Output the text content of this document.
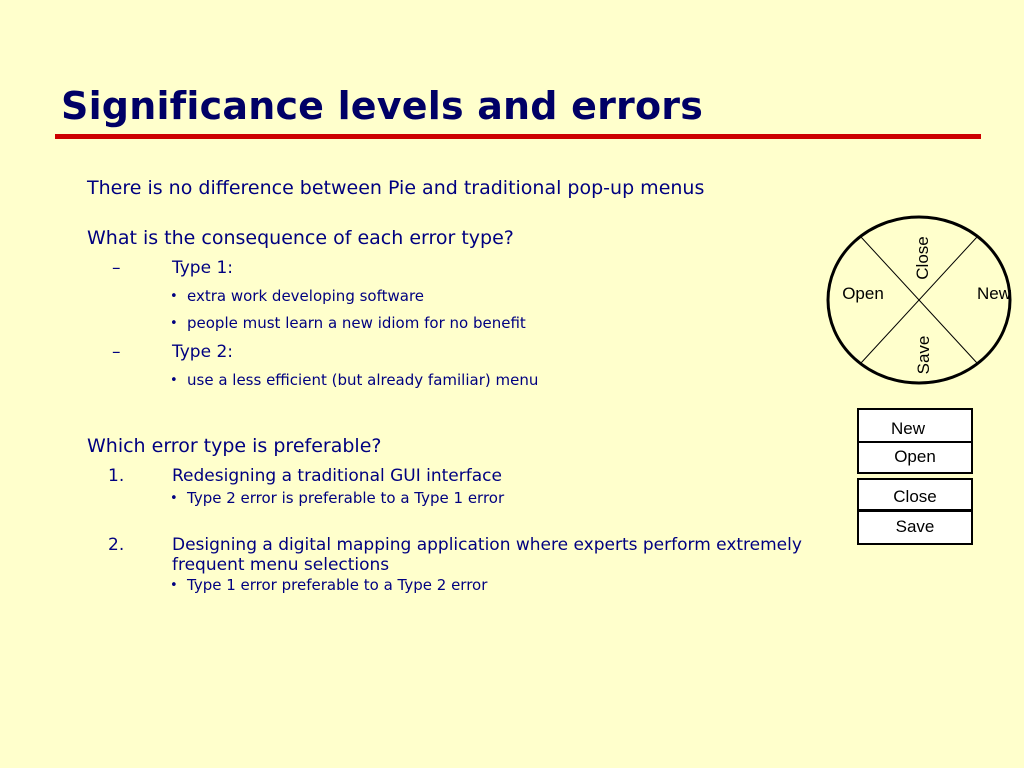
Significance levels and errors
There is no difference between Pie and traditional pop-up menus
What is the consequence of each error type?
–	Type 1:
• extra work developing software
• people must learn a new idiom for no benefit
–	Type 2:
• use a less efficient (but already familiar) menu
Which error type is preferable?
1.	Redesigning a traditional GUI interface
• Type 2 error is preferable to a Type 1 error
2.	Designing a digital mapping application where experts perform extremely
frequent menu selections
• Type 1 error preferable to a Type 2 error
Close
Open	New
Save
New
Open
Close
Save
